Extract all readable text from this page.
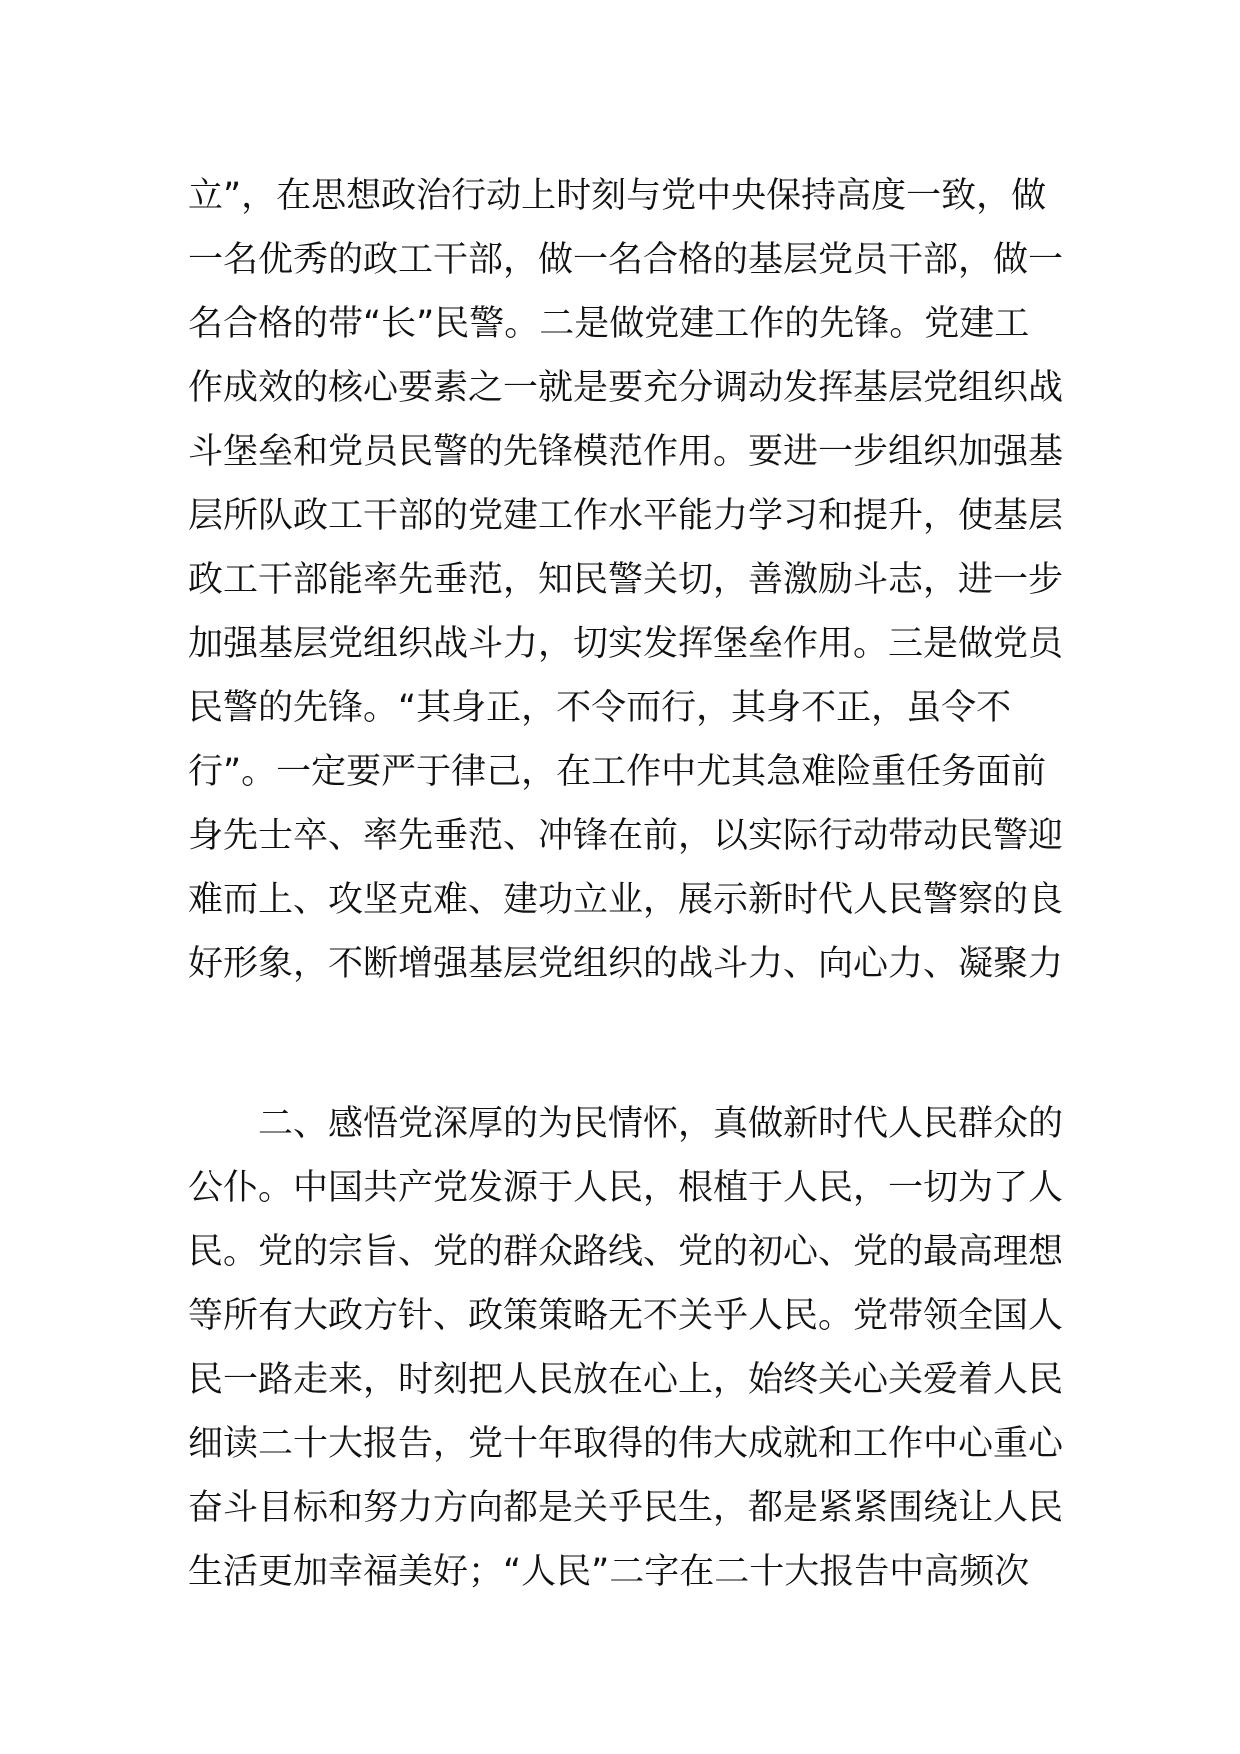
立”，在思想政治行动上时刻与党中央保持高度一致，做
一名优秀的政工干部，做一名合格的基层党员干部，做一
名合格的带“长”民警。二是做党建工作的先锋。党建工
作成效的核心要素之一就是要充分调动发挥基层党组织战
斗堡垒和党员民警的先锋模范作用。要进一步组织加强基
层所队政工干部的党建工作水平能力学习和提升，使基层
政工干部能率先垂范，知民警关切，善激励斗志，进一步
加强基层党组织战斗力，切实发挥堡垒作用。三是做党员
民警的先锋。“其身正，不令而行，其身不正，虽令不
行”。一定要严于律己，在工作中尤其急难险重任务面前
身先士卒、率先垂范、冲锋在前，以实际行动带动民警迎
难而上、攻坚克难、建功立业，展示新时代人民警察的良
好形象，不断增强基层党组织的战斗力、向心力、凝聚力
　　二、感悟党深厚的为民情怀，真做新时代人民群众的
公仆。中国共产党发源于人民，根植于人民，一切为了人
民。党的宗旨、党的群众路线、党的初心、党的最高理想
等所有大政方针、政策策略无不关乎人民。党带领全国人
民一路走来，时刻把人民放在心上，始终关心关爱着人民
细读二十大报告，党十年取得的伟大成就和工作中心重心
奋斗目标和努力方向都是关乎民生，都是紧紧围绕让人民
生活更加幸福美好；“人民”二字在二十大报告中高频次
